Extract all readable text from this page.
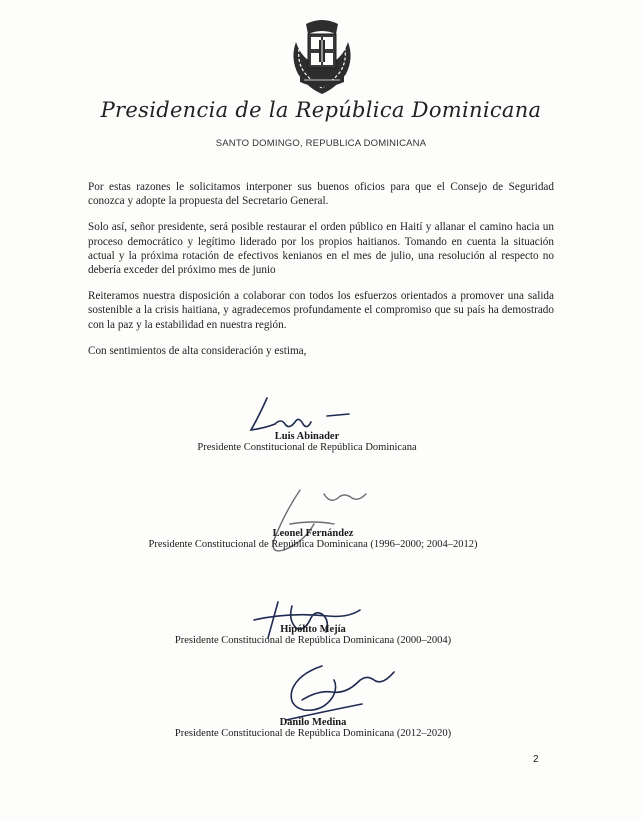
Presidencia de la República Dominicana
SANTO DOMINGO, REPUBLICA DOMINICANA

Por estas razones le solicitamos interponer sus buenos oficios para que el Consejo de Seguridad conozca y adopte la propuesta del Secretario General.

Solo así, señor presidente, será posible restaurar el orden público en Haití y allanar el camino hacia un proceso democrático y legítimo liderado por los propios haitianos. Tomando en cuenta la situación actual y la próxima rotación de efectivos kenianos en el mes de julio, una resolución al respecto no debería exceder del próximo mes de junio

Reiteramos nuestra disposición a colaborar con todos los esfuerzos orientados a promover una salida sostenible a la crisis haitiana, y agradecemos profundamente el compromiso que su país ha demostrado con la paz y la estabilidad en nuestra región.

Con sentimientos de alta consideración y estima,

Luis Abinader
Presidente Constitucional de República Dominicana
Leonel Fernández
Presidente Constitucional de República Dominicana (1996–2000; 2004–2012)
Hipólito Mejía
Presidente Constitucional de República Dominicana (2000–2004)
Danilo Medina
Presidente Constitucional de República Dominicana (2012–2020)
2
